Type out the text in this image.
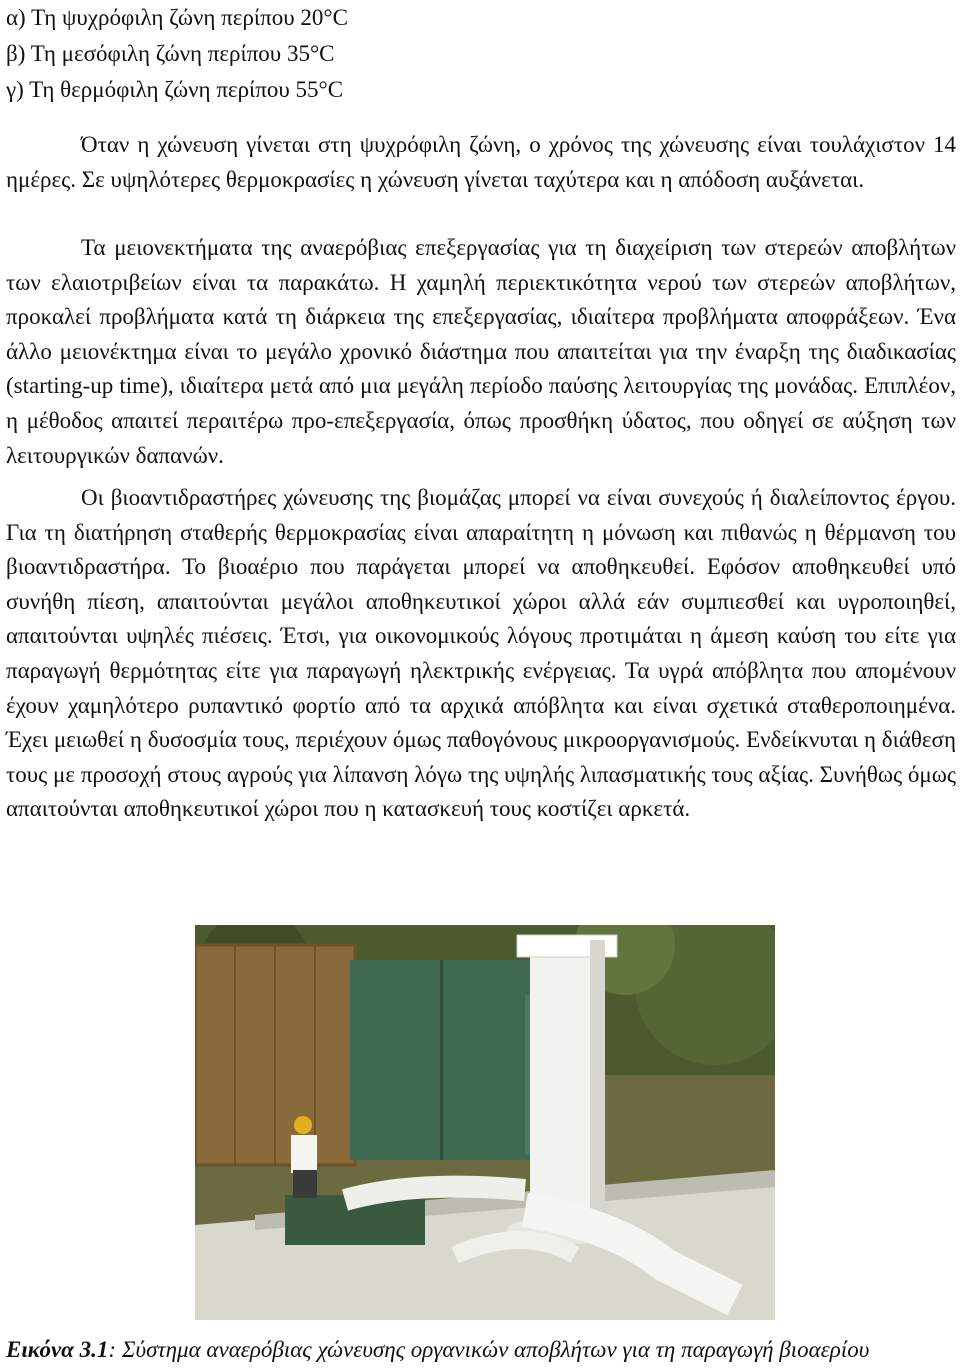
α) Τη ψυχρόφιλη ζώνη περίπου 20°C
β) Τη μεσόφιλη ζώνη περίπου 35°C
γ) Τη θερμόφιλη ζώνη περίπου 55°C

Όταν η χώνευση γίνεται στη ψυχρόφιλη ζώνη, ο χρόνος της χώνευσης είναι τουλάχιστον 14 ημέρες. Σε υψηλότερες θερμοκρασίες η χώνευση γίνεται ταχύτερα και η απόδοση αυξάνεται.

Τα μειονεκτήματα της αναερόβιας επεξεργασίας για τη διαχείριση των στερεών αποβλήτων των ελαιοτριβείων είναι τα παρακάτω. Η χαμηλή περιεκτικότητα νερού των στερεών αποβλήτων, προκαλεί προβλήματα κατά τη διάρκεια της επεξεργασίας, ιδιαίτερα προβλήματα αποφράξεων. Ένα άλλο μειονέκτημα είναι το μεγάλο χρονικό διάστημα που απαιτείται για την έναρξη της διαδικασίας (starting-up time), ιδιαίτερα μετά από μια μεγάλη περίοδο παύσης λειτουργίας της μονάδας. Επιπλέον, η μέθοδος απαιτεί περαιτέρω προ-επεξεργασία, όπως προσθήκη ύδατος, που οδηγεί σε αύξηση των λειτουργικών δαπανών.

Οι βιοαντιδραστήρες χώνευσης της βιομάζας μπορεί να είναι συνεχούς ή διαλείποντος έργου. Για τη διατήρηση σταθερής θερμοκρασίας είναι απαραίτητη η μόνωση και πιθανώς η θέρμανση του βιοαντιδραστήρα. Το βιοαέριο που παράγεται μπορεί να αποθηκευθεί. Εφόσον αποθηκευθεί υπό συνήθη πίεση, απαιτούνται μεγάλοι αποθηκευτικοί χώροι αλλά εάν συμπιεσθεί και υγροποιηθεί, απαιτούνται υψηλές πιέσεις. Έτσι, για οικονομικούς λόγους προτιμάται η άμεση καύση του είτε για παραγωγή θερμότητας είτε για παραγωγή ηλεκτρικής ενέργειας. Τα υγρά απόβλητα που απομένουν έχουν χαμηλότερο ρυπαντικό φορτίο από τα αρχικά απόβλητα και είναι σχετικά σταθεροποιημένα. Έχει μειωθεί η δυσοσμία τους, περιέχουν όμως παθογόνους μικροοργανισμούς. Ενδείκνυται η διάθεση τους με προσοχή στους αγρούς για λίπανση λόγω της υψηλής λιπασματικής τους αξίας. Συνήθως όμως απαιτούνται αποθηκευτικοί χώροι που η κατασκευή τους κοστίζει αρκετά.

Εικόνα 3.1: Σύστημα αναερόβιας χώνευσης οργανικών αποβλήτων για τη παραγωγή βιοαερίου
